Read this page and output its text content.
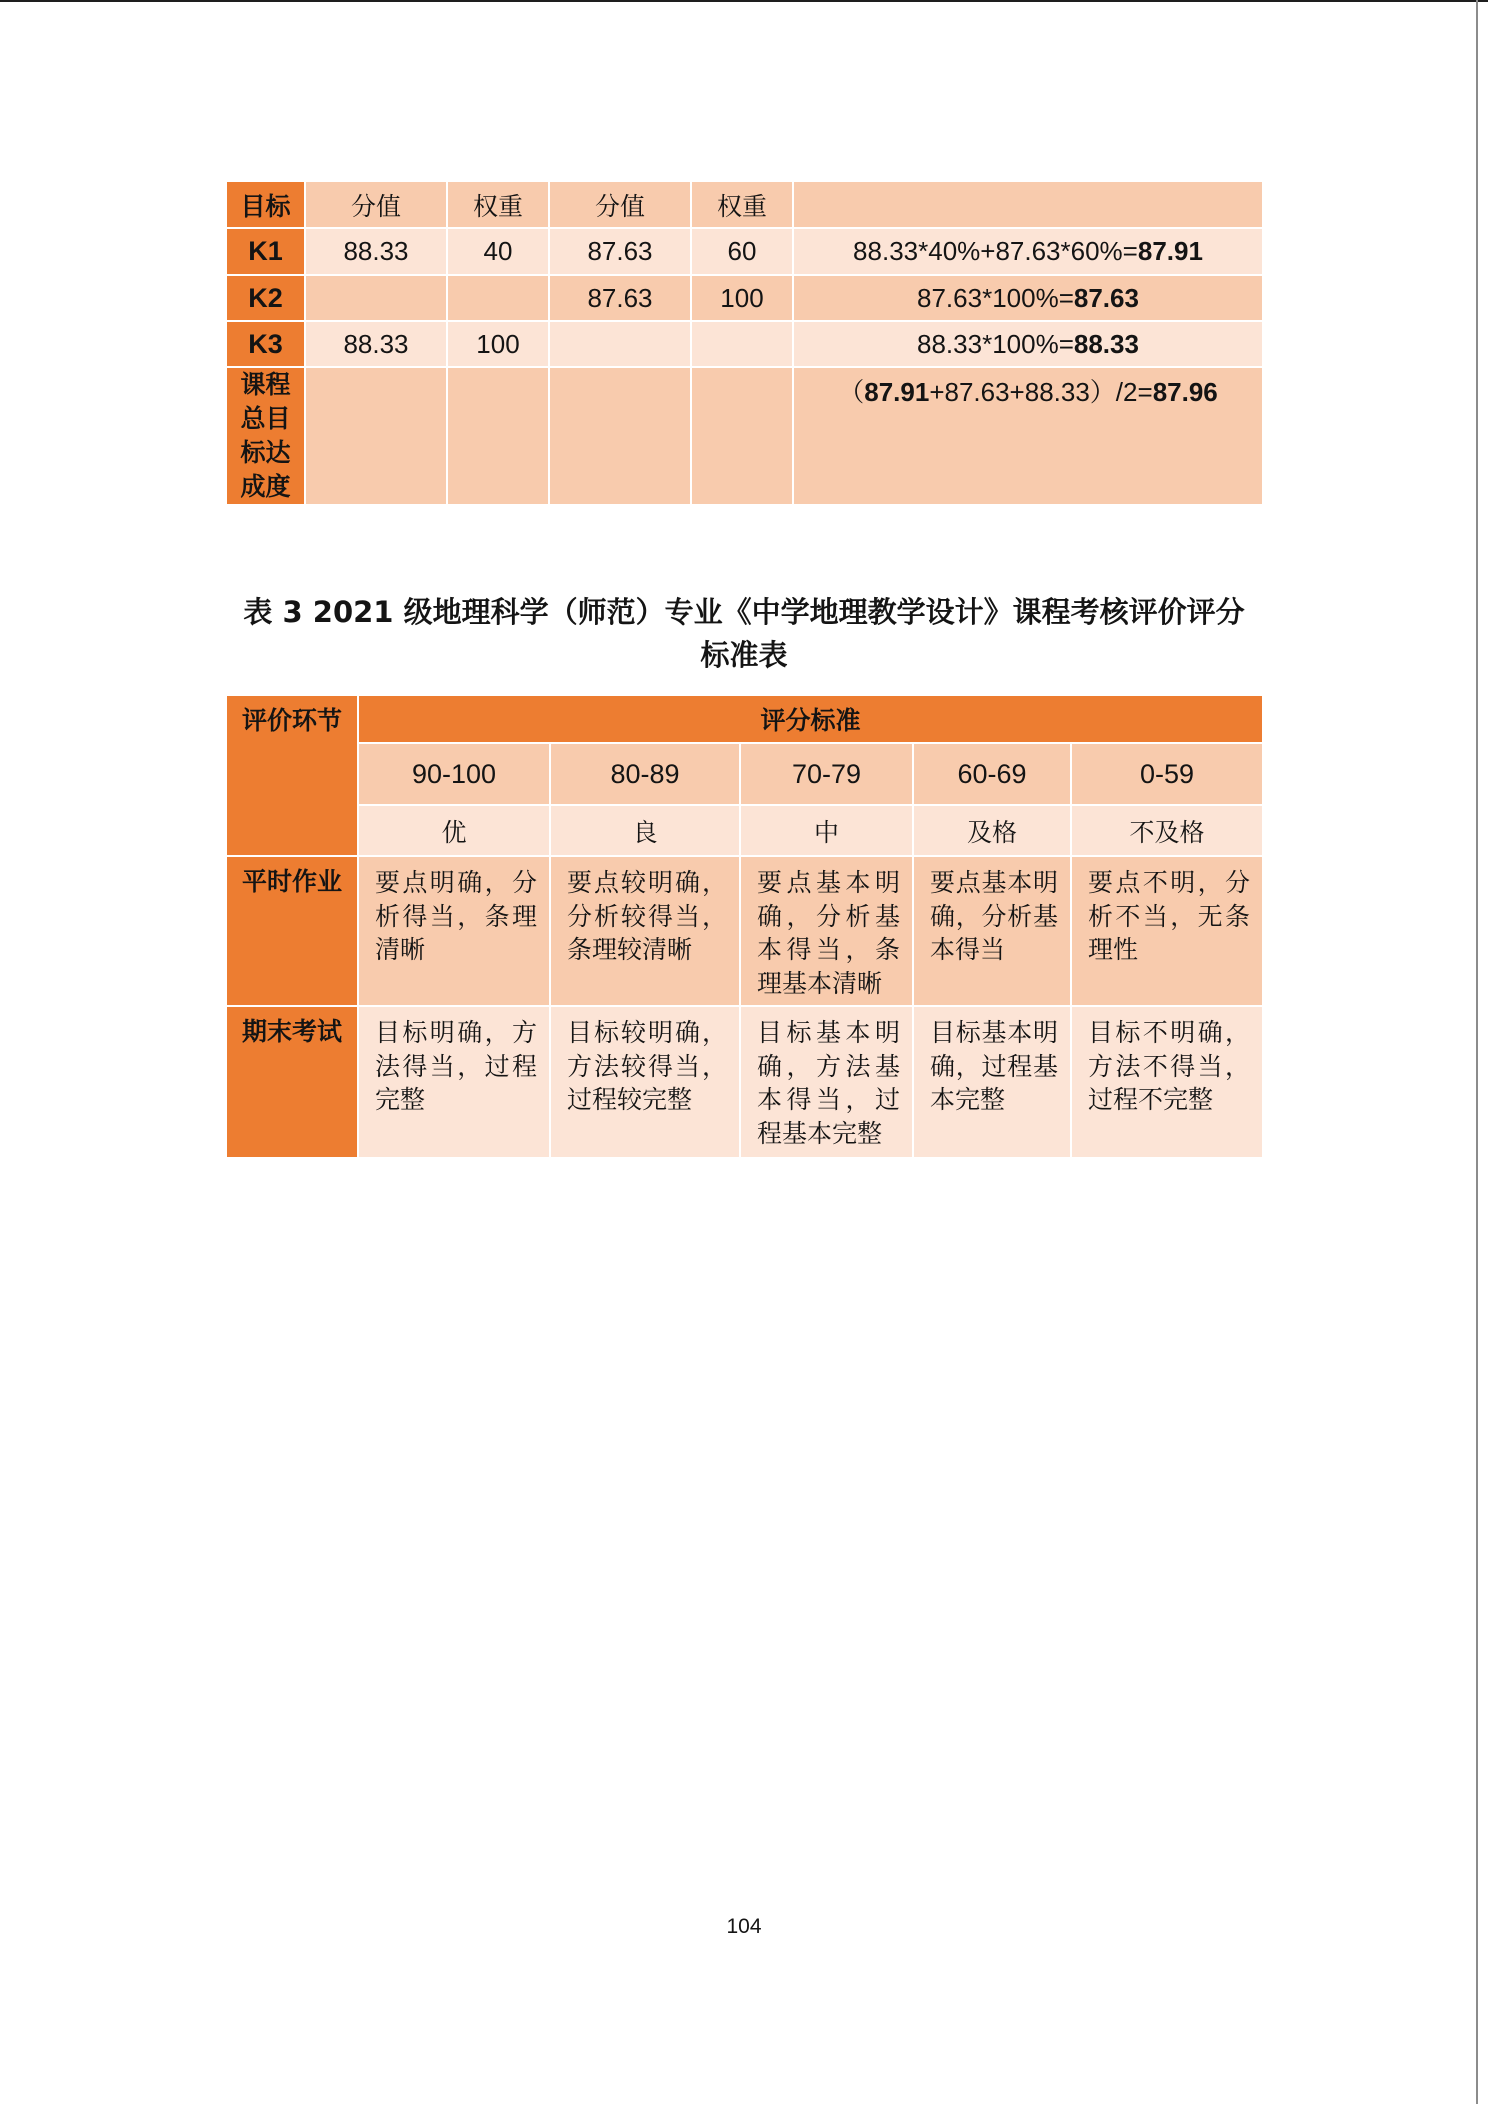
目标	分值	权重	分值	权重	
K1	88.33	40	87.63	60	88.33*40%+87.63*60%=87.91
K2			87.63	100	87.63*100%=87.63
K3	88.33	100			88.33*100%=88.33
课程总目标达成度					（87.91+87.63+88.33）/2=87.96
表 3 2021 级地理科学（师范）专业《中学地理教学设计》课程考核评价评分
标准表
评价环节	评分标准				
	90-100	80-89	70-79	60-69	0-59
	优	良	中	及格	不及格
平时作业	要点明确，分析得当，条理清晰	要点较明确，分析较得当，条理较清晰	要点基本明确，分析基本得当，条理基本清晰	要点基本明确，分析基本得当	要点不明，分析不当，无条理性
期末考试	目标明确，方法得当，过程完整	目标较明确，方法较得当，过程较完整	目标基本明确，方法基本得当，过程基本完整	目标基本明确，过程基本完整	目标不明确，方法不得当，过程不完整
104
